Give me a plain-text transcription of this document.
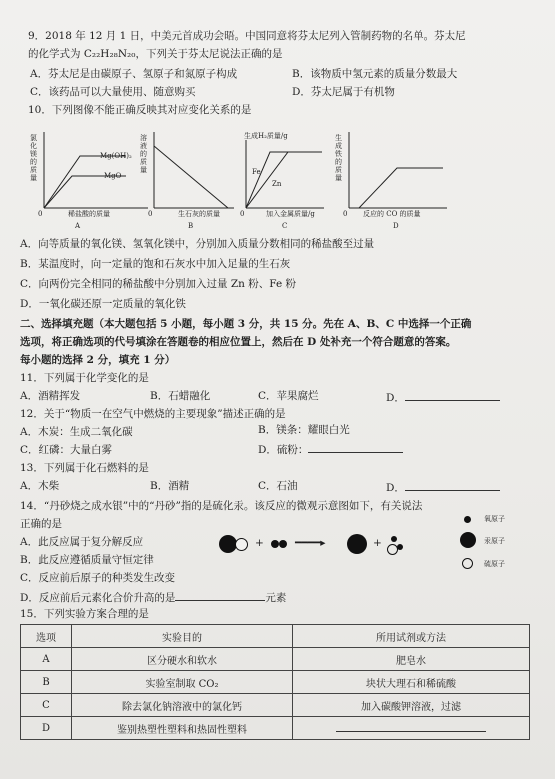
9．2018 年 12 月 1 日，中美元首成功会晤。中国同意将芬太尼列入管制药物的名单。芬太尼
的化学式为 C₂₂H₂₈N₂₀，下列关于芬太尼说法正确的是
A．芬太尼是由碳原子、氢原子和氮原子构成	B．该物质中氢元素的质量分数最大
C．该药品可以大量使用、随意购买	D．芬太尼属于有机物
10．下列图像不能正确反映其对应变化关系的是
氯
化
镁
的
质
量
Mg(OH)₂
MgO
0	稀盐酸的质量
A
溶
液
的
质
量
0	生石灰的质量
B
生成H₂质量/g
Fe
Zn
0	加入金属质量/g
C
生
成
铁
的
质
量
0 反应的 CO 的质量
D
A．向等质量的氧化镁、氢氧化镁中，分别加入质量分数相同的稀盐酸至过量
B．某温度时，向一定量的饱和石灰水中加入足量的生石灰
C．向两份完全相同的稀盐酸中分别加入过量 Zn 粉、Fe 粉
D．一氧化碳还原一定质量的氧化铁
二、选择填充题（本大题包括 5 小题，每小题 3 分，共 15 分。先在 A、B、C 中选择一个正确
选项，将正确选项的代号填涂在答题卷的相应位置上，然后在 D 处补充一个符合题意的答案。
每小题的选择 2 分，填充 1 分）
11．下列属于化学变化的是
A．酒精挥发	B．石蜡融化	C．苹果腐烂	D．
12．关于“物质一在空气中燃烧的主要现象”描述正确的是
A．木炭：生成二氧化碳	B．镁条：耀眼白光
C．红磷：大量白雾	D．硫粉：
13．下列属于化石燃料的是
A．木柴	B．酒精	C．石油	D．
14．“丹砂烧之成水银”中的“丹砂”指的是硫化汞。该反应的微观示意图如下，有关说法
正确的是
A．此反应属于复分解反应
B．此反应遵循质量守恒定律
C．反应前后原子的种类发生改变
D．反应前后元素化合价升高的是	元素
+	━━━━▸	+
氧原子
汞原子
硫原子
15．下列实验方案合理的是
选项	实验目的	所用试剂或方法
A	区分硬水和软水	肥皂水
B	实验室制取 CO₂	块状大理石和稀硫酸
C	除去氯化钠溶液中的氯化钙	加入碳酸钾溶液，过滤
D	鉴别热塑性塑料和热固性塑料	
